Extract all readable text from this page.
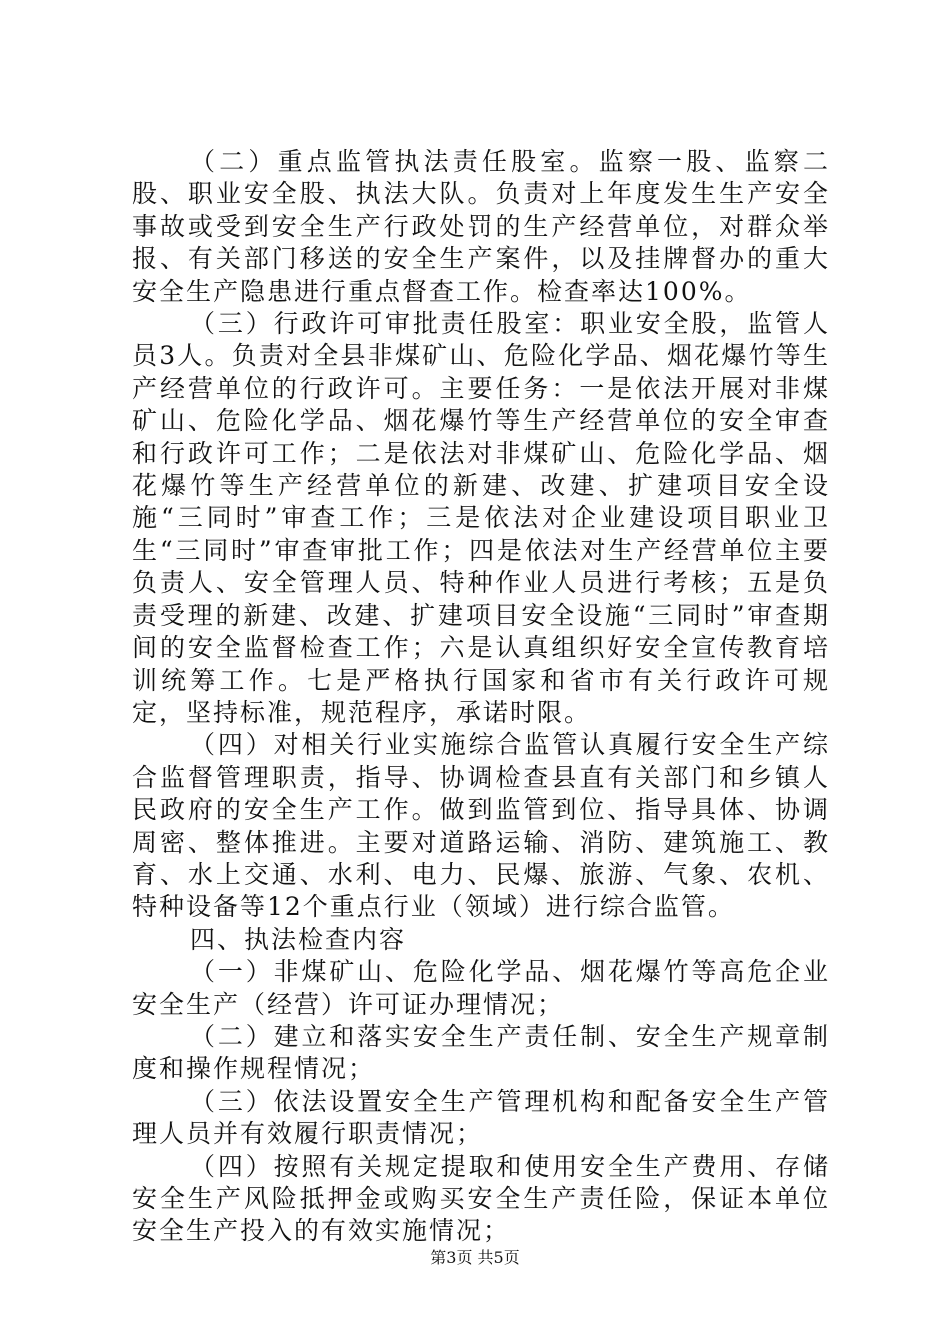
（二）重点监管执法责任股室。监察一股、监察二股、职业安全股、执法大队。负责对上年度发生生产安全事故或受到安全生产行政处罚的生产经营单位，对群众举报、有关部门移送的安全生产案件，以及挂牌督办的重大安全生产隐患进行重点督查工作。检查率达100%。

（三）行政许可审批责任股室：职业安全股，监管人员3人。负责对全县非煤矿山、危险化学品、烟花爆竹等生产经营单位的行政许可。主要任务：一是依法开展对非煤矿山、危险化学品、烟花爆竹等生产经营单位的安全审查和行政许可工作；二是依法对非煤矿山、危险化学品、烟花爆竹等生产经营单位的新建、改建、扩建项目安全设施“三同时”审查工作；三是依法对企业建设项目职业卫生“三同时”审查审批工作；四是依法对生产经营单位主要负责人、安全管理人员、特种作业人员进行考核；五是负责受理的新建、改建、扩建项目安全设施“三同时”审查期间的安全监督检查工作；六是认真组织好安全宣传教育培训统筹工作。七是严格执行国家和省市有关行政许可规定，坚持标准，规范程序，承诺时限。

（四）对相关行业实施综合监管认真履行安全生产综合监督管理职责，指导、协调检查县直有关部门和乡镇人民政府的安全生产工作。做到监管到位、指导具体、协调周密、整体推进。主要对道路运输、消防、建筑施工、教育、水上交通、水利、电力、民爆、旅游、气象、农机、特种设备等12个重点行业（领域）进行综合监管。

四、执法检查内容

（一）非煤矿山、危险化学品、烟花爆竹等高危企业安全生产（经营）许可证办理情况；

（二）建立和落实安全生产责任制、安全生产规章制度和操作规程情况；

（三）依法设置安全生产管理机构和配备安全生产管理人员并有效履行职责情况；

（四）按照有关规定提取和使用安全生产费用、存储安全生产风险抵押金或购买安全生产责任险，保证本单位安全生产投入的有效实施情况；

第3页 共5页
